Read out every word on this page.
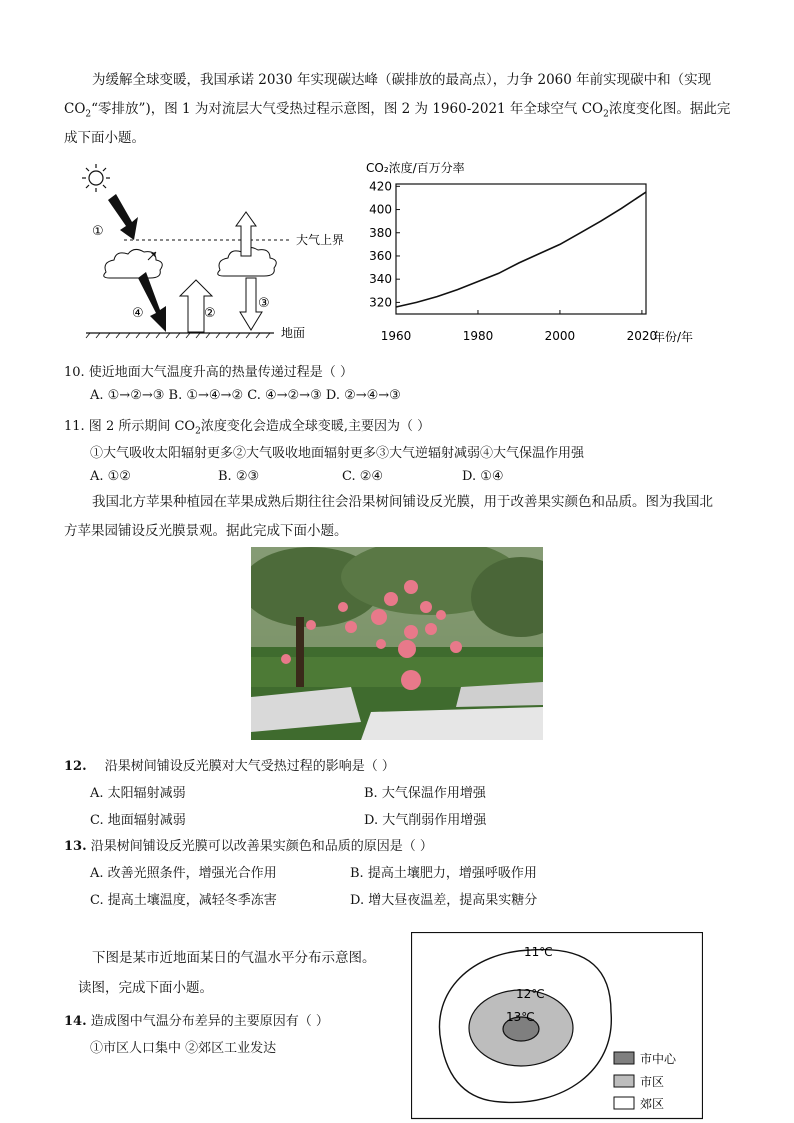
为缓解全球变暖，我国承诺 2030 年实现碳达峰（碳排放的最高点），力争 2060 年前实现碳中和（实现
$CO_2“$零排放”)，图 1 为对流层大气受热过程示意图，图 2 为 1960-2021 年全球空气 $CO_2$浓度变化图。据此完
成下面小题。
大气上界
①
④	②
③
地面
CO₂浓度/百万分率
320
340
360
380
400
420
1960	1980	2000	2020
年份/年
10. 使近地面大气温度升高的热量传递过程是（ ）
A. ①→②→③ B. ①→④→② C. ④→②→③ D. ②→④→③
11. 图 2 所示期间 $CO_2$浓度变化会造成全球变暖,主要因为（ ）
①大气吸收太阳辐射更多②大气吸收地面辐射更多③大气逆辐射减弱④大气保温作用强
A. ①②	B. ②③	C. ②④	D. ①④
我国北方苹果种植园在苹果成熟后期往往会沿果树间铺设反光膜，用于改善果实颜色和品质。图为我国北
方苹果园铺设反光膜景观。据此完成下面小题。
12. 沿果树间铺设反光膜对大气受热过程的影响是（ ）
A. 太阳辐射减弱	B. 大气保温作用增强
C. 地面辐射减弱	D. 大气削弱作用增强
13. 沿果树间铺设反光膜可以改善果实颜色和品质的原因是（ ）
A. 改善光照条件，增强光合作用	B. 提高土壤肥力，增强呼吸作用
C. 提高土壤温度，减轻冬季冻害	D. 增大昼夜温差，提高果实糖分
下图是某市近地面某日的气温水平分布示意图。
读图，完成下面小题。
14. 造成图中气温分布差异的主要原因有（ ）
①市区人口集中 ②郊区工业发达
11℃
12℃
13℃
市中心
市区
郊区
